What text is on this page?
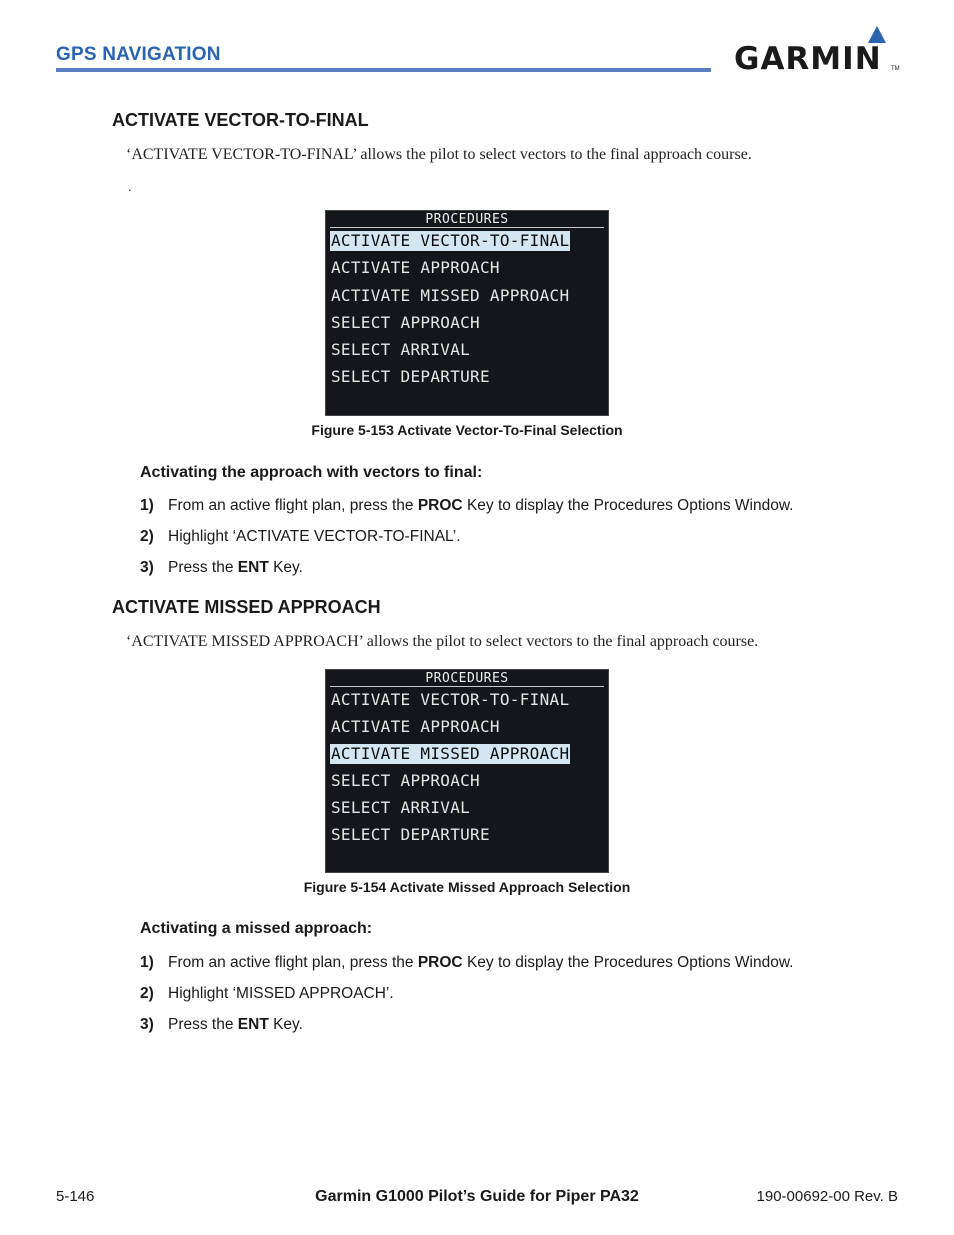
GPS NAVIGATION	GARMIN TM
ACTIVATE VECTOR-TO-FINAL
‘ACTIVATE VECTOR-TO-FINAL’ allows the pilot to select vectors to the final approach course.
.
PROCEDURES
ACTIVATE VECTOR-TO-FINAL
ACTIVATE APPROACH
ACTIVATE MISSED APPROACH
SELECT APPROACH
SELECT ARRIVAL
SELECT DEPARTURE
Figure 5-153 Activate Vector-To-Final Selection
Activating the approach with vectors to final:
1) From an active flight plan, press the PROC Key to display the Procedures Options Window.
2) Highlight ‘ACTIVATE VECTOR-TO-FINAL’.
3) Press the ENT Key.
ACTIVATE MISSED APPROACH
‘ACTIVATE MISSED APPROACH’ allows the pilot to select vectors to the final approach course.
PROCEDURES
ACTIVATE VECTOR-TO-FINAL
ACTIVATE APPROACH
ACTIVATE MISSED APPROACH
SELECT APPROACH
SELECT ARRIVAL
SELECT DEPARTURE
Figure 5-154 Activate Missed Approach Selection
Activating a missed approach:
1) From an active flight plan, press the PROC Key to display the Procedures Options Window.
2) Highlight ‘MISSED APPROACH’.
3) Press the ENT Key.
Garmin G1000 Pilot’s Guide for Piper PA32
5-146	190-00692-00 Rev. B
